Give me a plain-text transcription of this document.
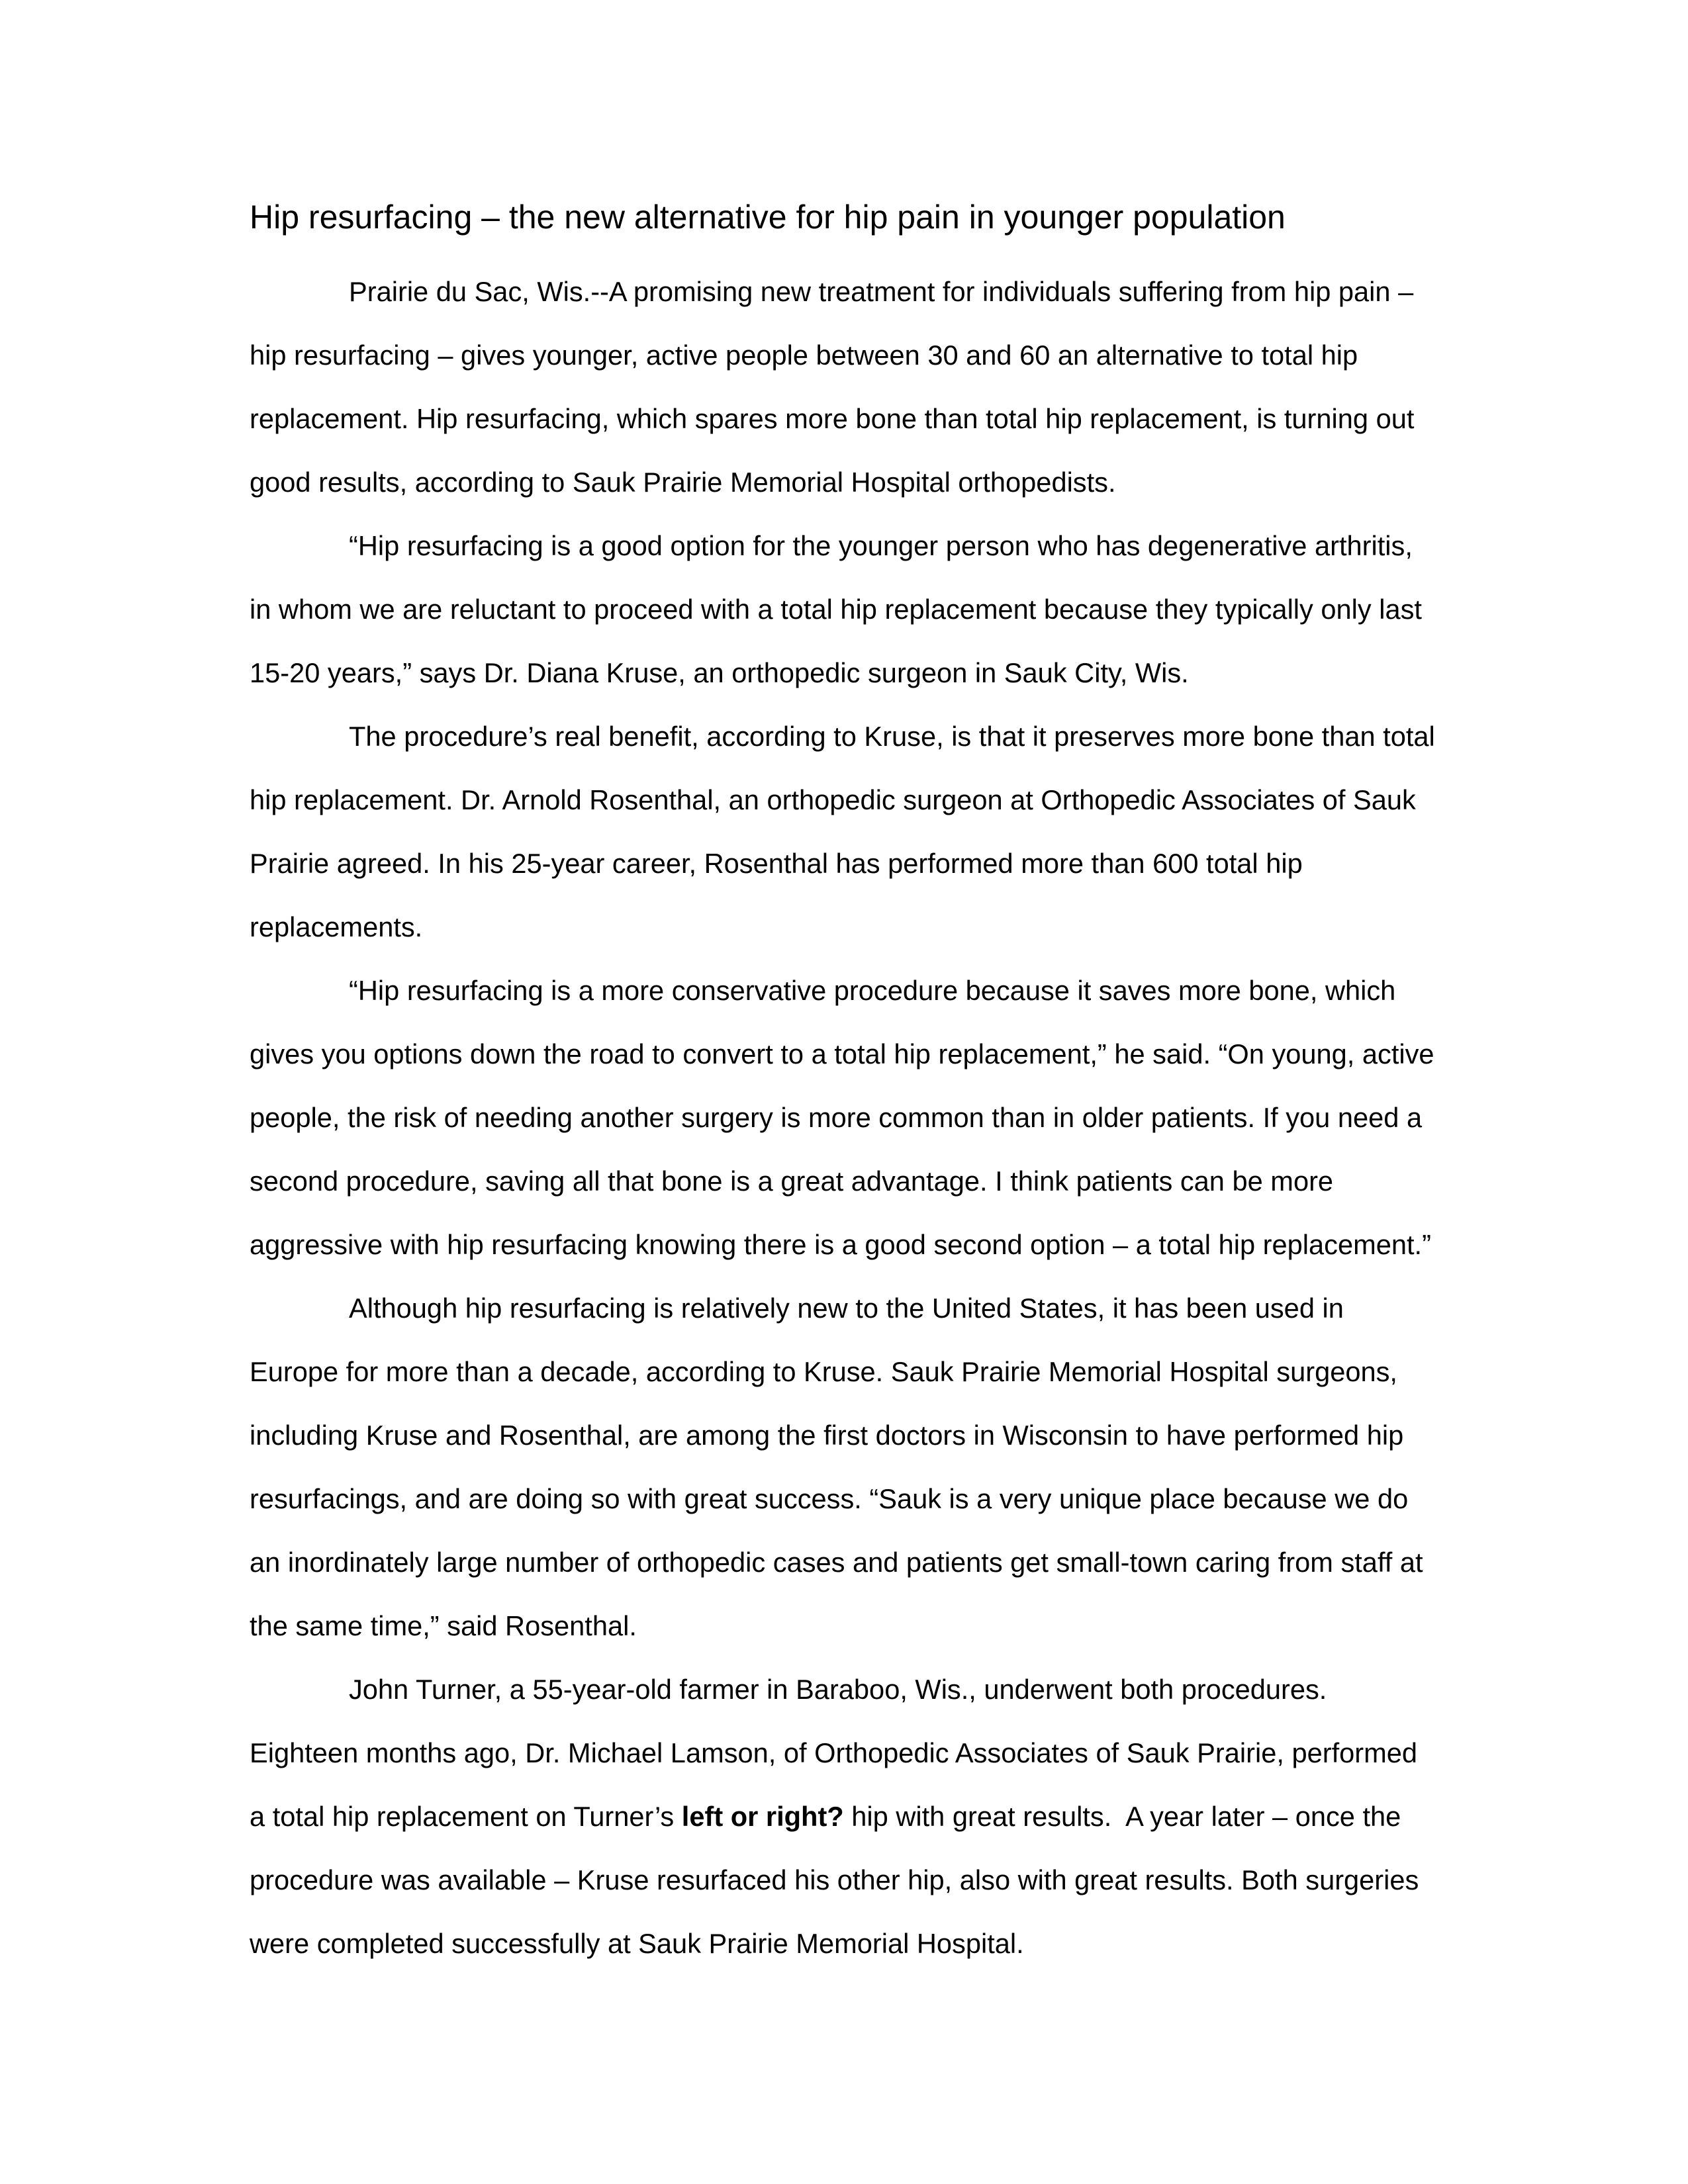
Hip resurfacing – the new alternative for hip pain in younger population

Prairie du Sac, Wis.--A promising new treatment for individuals suffering from hip pain – hip resurfacing – gives younger, active people between 30 and 60 an alternative to total hip replacement. Hip resurfacing, which spares more bone than total hip replacement, is turning out good results, according to Sauk Prairie Memorial Hospital orthopedists.

“Hip resurfacing is a good option for the younger person who has degenerative arthritis, in whom we are reluctant to proceed with a total hip replacement because they typically only last 15-20 years,” says Dr. Diana Kruse, an orthopedic surgeon in Sauk City, Wis.

The procedure’s real benefit, according to Kruse, is that it preserves more bone than total hip replacement. Dr. Arnold Rosenthal, an orthopedic surgeon at Orthopedic Associates of Sauk Prairie agreed. In his 25-year career, Rosenthal has performed more than 600 total hip replacements.

“Hip resurfacing is a more conservative procedure because it saves more bone, which gives you options down the road to convert to a total hip replacement,” he said. “On young, active people, the risk of needing another surgery is more common than in older patients. If you need a second procedure, saving all that bone is a great advantage. I think patients can be more aggressive with hip resurfacing knowing there is a good second option – a total hip replacement.”

Although hip resurfacing is relatively new to the United States, it has been used in Europe for more than a decade, according to Kruse. Sauk Prairie Memorial Hospital surgeons, including Kruse and Rosenthal, are among the first doctors in Wisconsin to have performed hip resurfacings, and are doing so with great success. “Sauk is a very unique place because we do an inordinately large number of orthopedic cases and patients get small-town caring from staff at the same time,” said Rosenthal.

John Turner, a 55-year-old farmer in Baraboo, Wis., underwent both procedures. Eighteen months ago, Dr. Michael Lamson, of Orthopedic Associates of Sauk Prairie, performed a total hip replacement on Turner’s left or right? hip with great results.  A year later – once the procedure was available – Kruse resurfaced his other hip, also with great results. Both surgeries were completed successfully at Sauk Prairie Memorial Hospital.
